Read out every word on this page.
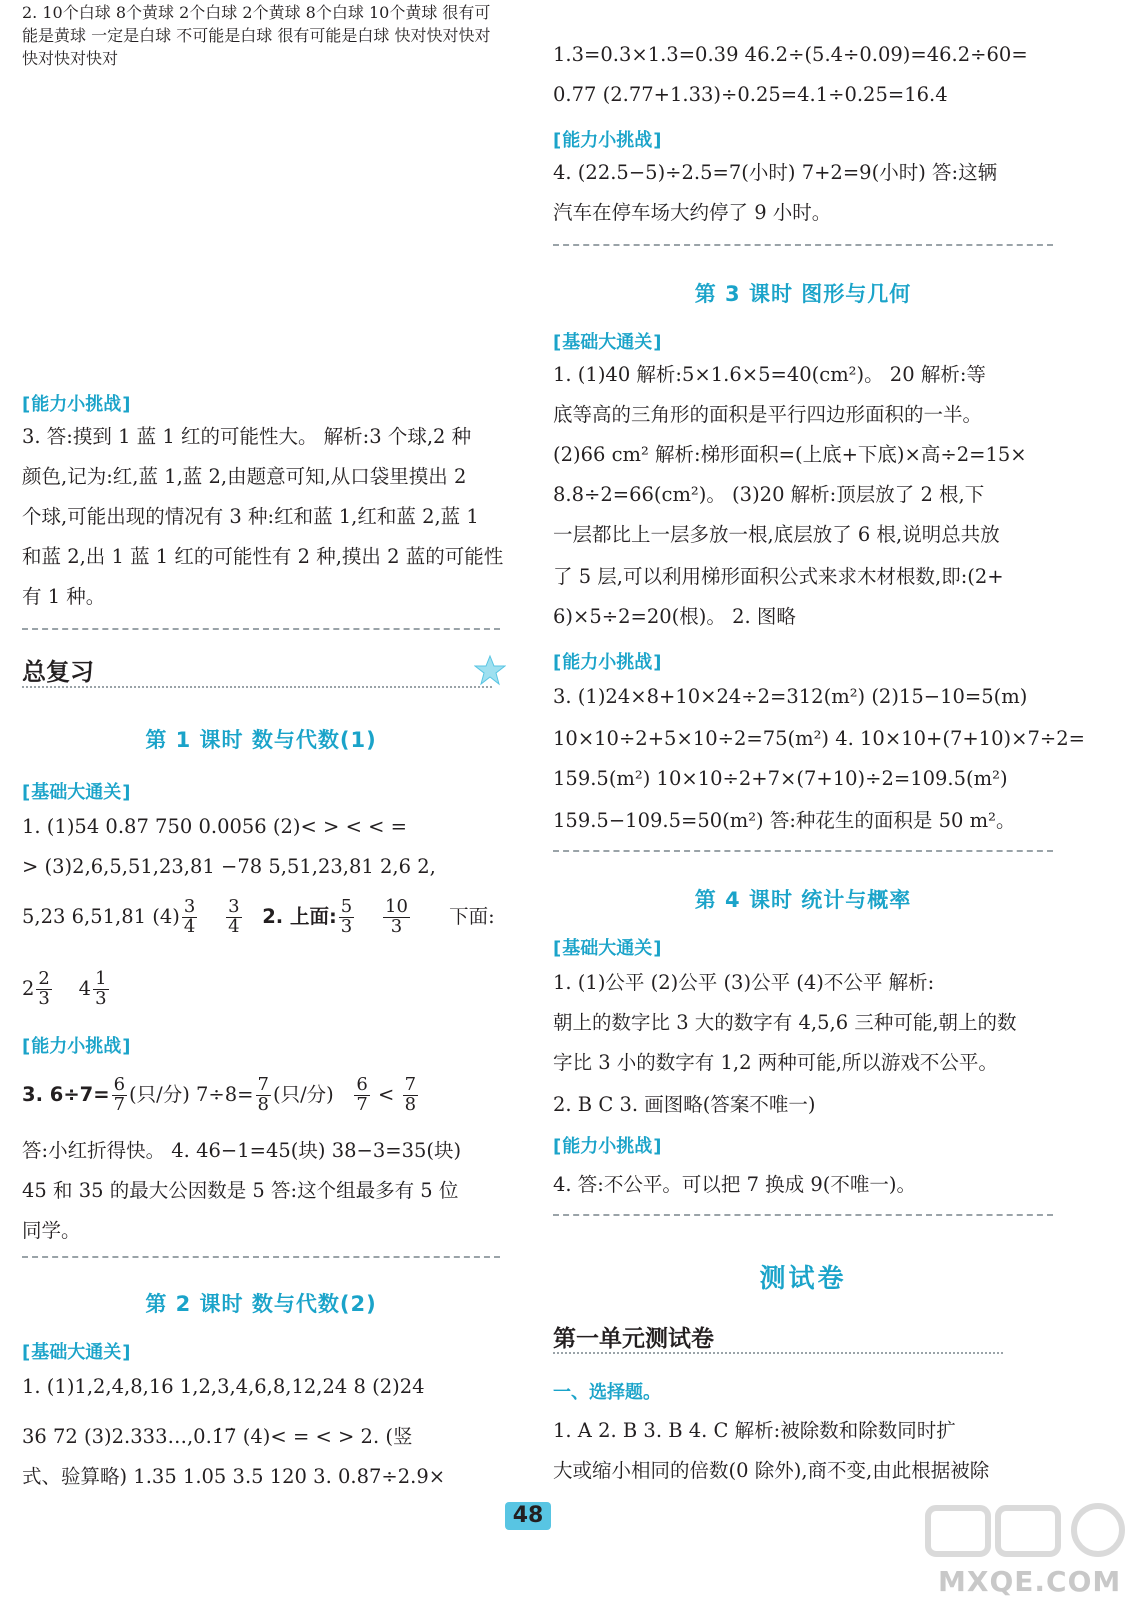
2. 10个白球 8个黄球 2个白球 2个黄球 8个白球 10个黄球 很有可能是黄球 一定是白球 不可能是白球 很有可能是白球 快对快对快对 快对快对快对
[ 能力小挑战 ]
3. 答:摸到 1 蓝 1 红的可能性大。 解析:3 个球,2 种
颜色,记为:红,蓝 1,蓝 2,由题意可知,从口袋里摸出 2
个球,可能出现的情况有 3 种:红和蓝 1,红和蓝 2,蓝 1
和蓝 2,出 1 蓝 1 红的可能性有 2 种,摸出 2 蓝的可能性
有 1 种。
总复习
第 1 课时 数与代数(1)
[ 基础大通关 ]
1. (1)54 0.87 750 0.0056 (2)< > < < =
> (3)2,6,5,51,23,81 −78 5,51,23,81 2,6 2,
5,23 6,51,81 $(4) \frac{3}{4}$
$\frac{3}{4} 2$. 上面: $\frac{5}{3}$
$\frac{10}{3}$ 下面:
$2 \frac{2}{3} 4 \frac{1}{3}$
[ 能力小挑战 ]
3. $6\div 7= \frac{6}{7}$ (只/分) $7\div 8= \frac{7}{8}$ (只/分) $\frac{6}{7} < \frac{7}{8}$
答:小红折得快。 4. 46−1=45(块) 38−3=35(块)
45 和 35 的最大公因数是 5 答:这个组最多有 5 位
同学。
第 2 课时 数与代数(2)
[ 基础大通关 ]
1. (1)1,2,4,8,16 1,2,3,4,6,8,12,24 8 (2)24
36 72 (3)2.333…,0.1̇7̇ (4)< = < > 2. (竖
式、验算略) 1.35 1.05 3.5 120 3. 0.87÷2.9×
1.3=0.3×1.3=0.39 46.2÷(5.4÷0.09)=46.2÷60=
0.77 (2.77+1.33)÷0.25=4.1÷0.25=16.4
[ 能力小挑战 ]
4. (22.5−5)÷2.5=7(小时) 7+2=9(小时) 答:这辆
汽车在停车场大约停了 9 小时。
第 3 课时 图形与几何
[ 基础大通关 ]
1. (1)40 解析:5×1.6×5=40(cm²)。 20 解析:等
底等高的三角形的面积是平行四边形面积的一半。
(2)66 cm² 解析:梯形面积=(上底+下底)×高÷2=15×
8.8÷2=66(cm²)。 (3)20 解析:顶层放了 2 根,下
一层都比上一层多放一根,底层放了 6 根,说明总共放
了 5 层,可以利用梯形面积公式来求木材根数,即:(2+
6)×5÷2=20(根)。 2. 图略
[ 能力小挑战 ]
3. (1)24×8+10×24÷2=312(m²) (2)15−10=5(m)
10×10÷2+5×10÷2=75(m²) 4. 10×10+(7+10)×7÷2=
159.5(m²) 10×10÷2+7×(7+10)÷2=109.5(m²)
159.5−109.5=50(m²) 答:种花生的面积是 50 m²。
第 4 课时 统计与概率
[ 基础大通关 ]
1. (1)公平 (2)公平 (3)公平 (4)不公平 解析:
朝上的数字比 3 大的数字有 4,5,6 三种可能,朝上的数
字比 3 小的数字有 1,2 两种可能,所以游戏不公平。
2. B C 3. 画图略(答案不唯一)
[ 能力小挑战 ]
4. 答:不公平。可以把 7 换成 9(不唯一)。
测试卷
第一单元测试卷
一、选择题。
1. A 2. B 3. B 4. C 解析:被除数和除数同时扩
大或缩小相同的倍数(0 除外),商不变,由此根据被除
48
MXQE.COM
